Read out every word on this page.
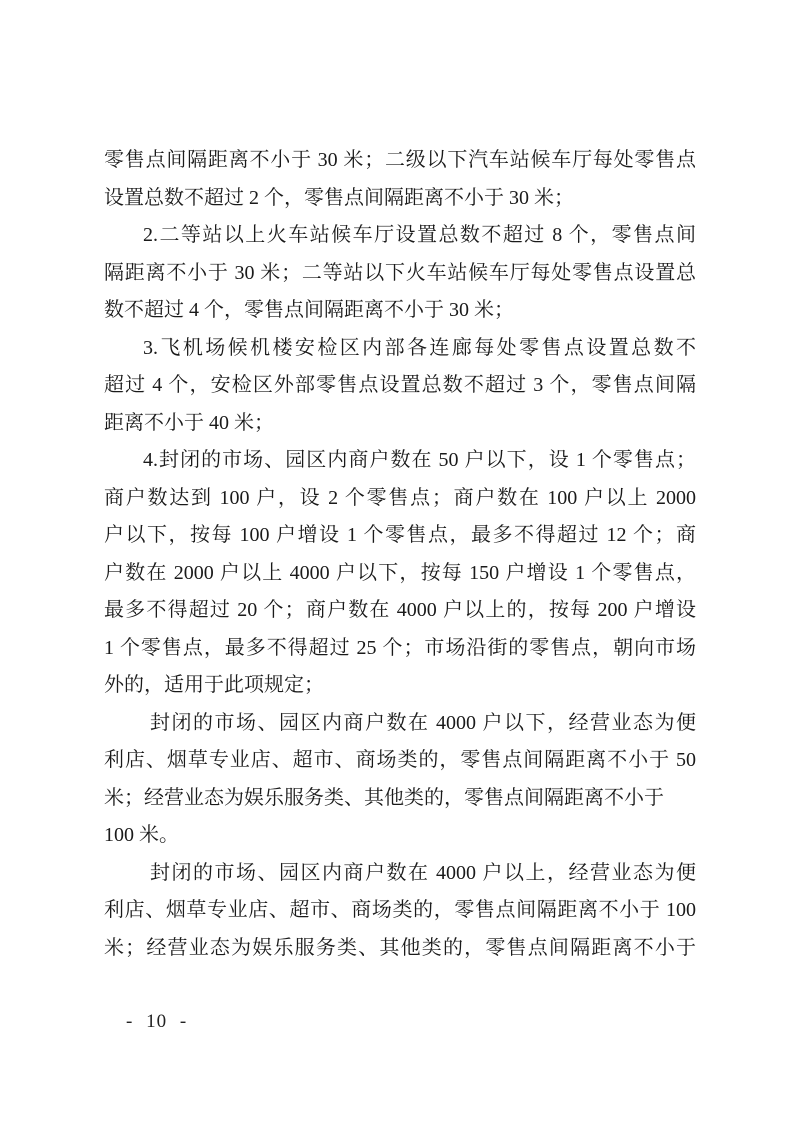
零售点间隔距离不小于 30 米；二级以下汽车站候车厅每处零售点
设置总数不超过 2 个，零售点间隔距离不小于 30 米；
2.二等站以上火车站候车厅设置总数不超过 8 个，零售点间
隔距离不小于 30 米；二等站以下火车站候车厅每处零售点设置总
数不超过 4 个，零售点间隔距离不小于 30 米；
3.飞机场候机楼安检区内部各连廊每处零售点设置总数不
超过 4 个，安检区外部零售点设置总数不超过 3 个，零售点间隔
距离不小于 40 米；
4.封闭的市场、园区内商户数在 50 户以下，设 1 个零售点；
商户数达到 100 户，设 2 个零售点；商户数在 100 户以上 2000
户以下，按每 100 户增设 1 个零售点，最多不得超过 12 个；商
户数在 2000 户以上 4000 户以下，按每 150 户增设 1 个零售点，
最多不得超过 20 个；商户数在 4000 户以上的，按每 200 户增设
1 个零售点，最多不得超过 25 个；市场沿街的零售点，朝向市场
外的，适用于此项规定；
封闭的市场、园区内商户数在 4000 户以下，经营业态为便
利店、烟草专业店、超市、商场类的，零售点间隔距离不小于 50
米；经营业态为娱乐服务类、其他类的，零售点间隔距离不小于
100 米。
封闭的市场、园区内商户数在 4000 户以上，经营业态为便
利店、烟草专业店、超市、商场类的，零售点间隔距离不小于 100
米；经营业态为娱乐服务类、其他类的，零售点间隔距离不小于
- 10 -
